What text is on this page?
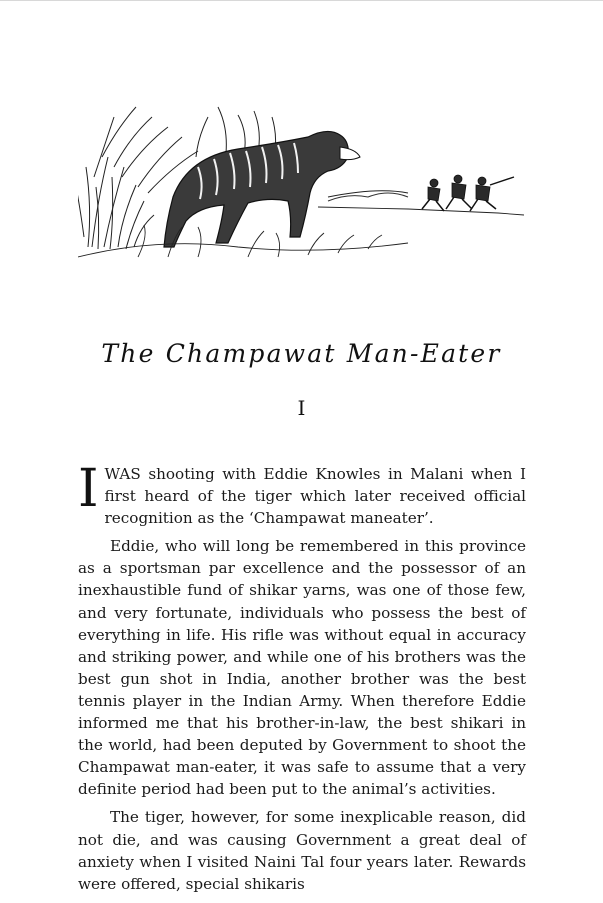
The Champawat Man-Eater
I

IWAS shooting with Eddie Knowles in Malani when I first heard of the tiger which later received official recognition as the ‘Champawat maneater’.

Eddie, who will long be remembered in this province as a sportsman par excellence and the possessor of an inexhaustible fund of shikar yarns, was one of those few, and very fortunate, individuals who possess the best of everything in life. His rifle was without equal in accuracy and striking power, and while one of his brothers was the best gun shot in India, another brother was the best tennis player in the Indian Army. When therefore Eddie informed me that his brother-in-law, the best shikari in the world, had been deputed by Government to shoot the Champawat man-eater, it was safe to assume that a very definite period had been put to the animal’s activities.

The tiger, however, for some inexplicable reason, did not die, and was causing Government a great deal of anxiety when I visited Naini Tal four years later. Rewards were offered, special shikaris
